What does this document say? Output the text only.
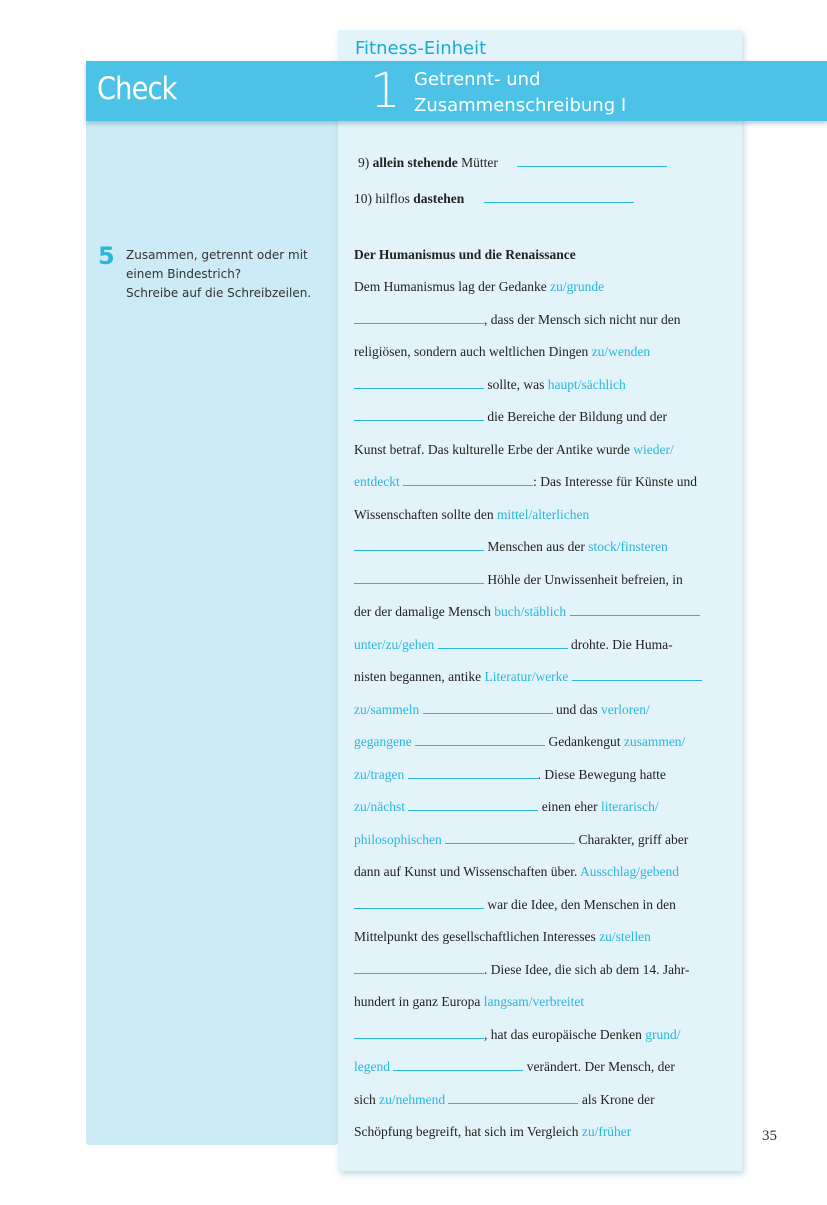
Fitness-Einheit
Check	1 Getrennt- und
Zusammenschreibung I
5 Zusammen, getrennt oder mit
einem Bindestrich?
Schreibe auf die Schreibzeilen.
9) allein stehende Mütter
10) hilflos dastehen
Der Humanismus und die Renaissance
Dem Humanismus lag der Gedanke zu/grunde
, dass der Mensch sich nicht nur den
religiösen, sondern auch weltlichen Dingen zu/wenden
sollte, was haupt/sächlich
die Bereiche der Bildung und der
Kunst betraf. Das kulturelle Erbe der Antike wurde wieder/
entdeckt	: Das Interesse für Künste und
Wissenschaften sollte den mittel/alterlichen
Menschen aus der stock/finsteren
Höhle der Unwissenheit befreien, in
der der damalige Mensch buch/stäblich
unter/zu/gehen	drohte. Die Huma-
nisten begannen, antike Literatur/werke
zu/sammeln	und das verloren/
gegangene	Gedankengut zusammen/
zu/tragen	. Diese Bewegung hatte
zu/nächst	einen eher literarisch/
philosophischen	Charakter, griff aber
dann auf Kunst und Wissenschaften über. Ausschlag/gebend
war die Idee, den Menschen in den
Mittelpunkt des gesellschaftlichen Interesses zu/stellen
. Diese Idee, die sich ab dem 14. Jahr-
hundert in ganz Europa langsam/verbreitet
, hat das europäische Denken grund/
legend	verändert. Der Mensch, der
sich zu/nehmend	als Krone der
Schöpfung begreift, hat sich im Vergleich zu/früher	35
